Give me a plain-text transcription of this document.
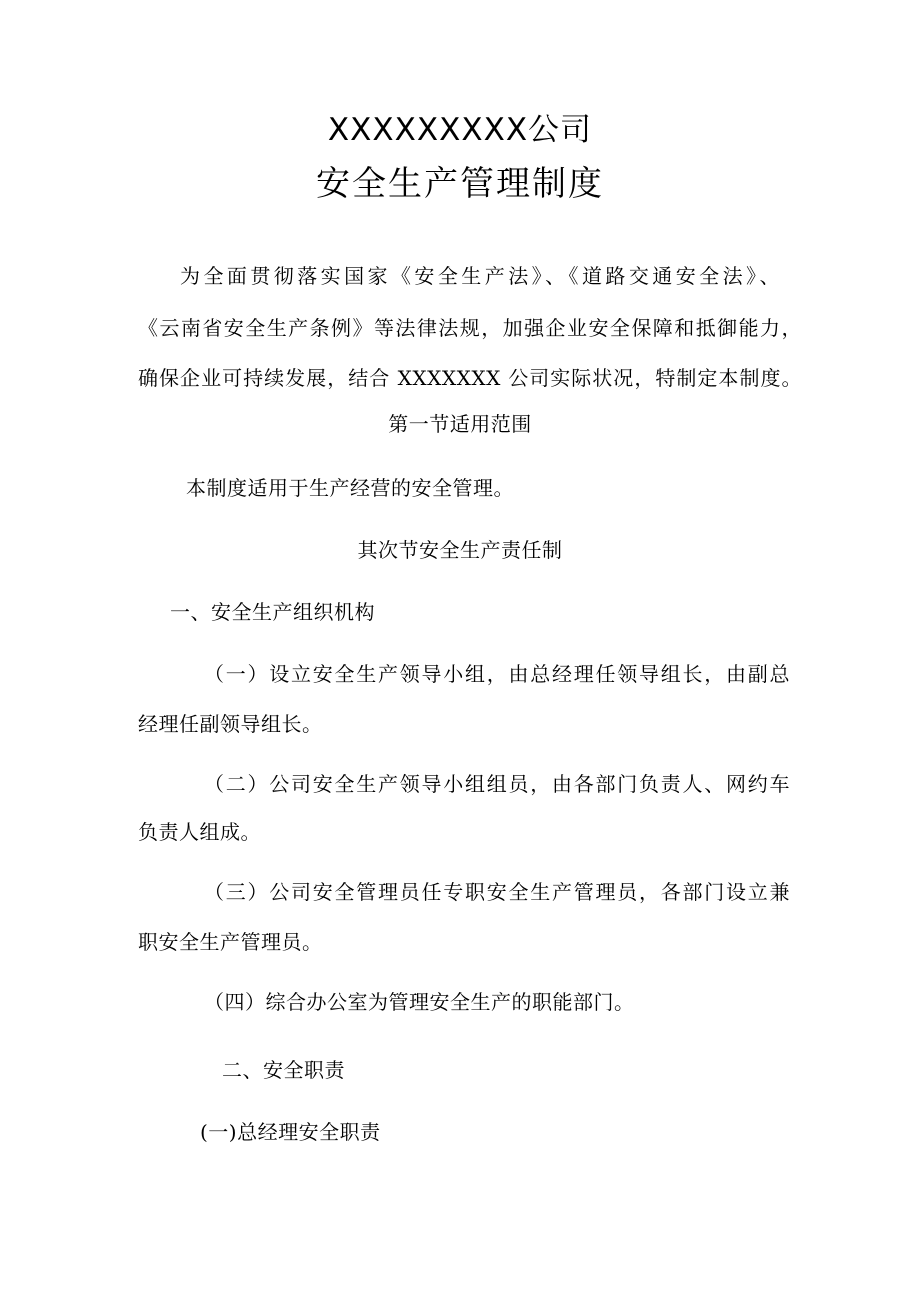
XXXXXXXXX公司
安全生产管理制度
为全面贯彻落实国家《安全生产法》、《道路交通安全法》、
《云南省安全生产条例》等法律法规，加强企业安全保障和抵御能力，
确保企业可持续发展，结合 XXXXXXX 公司实际状况，特制定本制度。
第一节适用范围
本制度适用于生产经营的安全管理。
其次节安全生产责任制
一、安全生产组织机构
（一）设立安全生产领导小组，由总经理任领导组长，由副总
经理任副领导组长。
（二）公司安全生产领导小组组员，由各部门负责人、网约车
负责人组成。
（三）公司安全管理员任专职安全生产管理员，各部门设立兼
职安全生产管理员。
（四）综合办公室为管理安全生产的职能部门。
二、安全职责
(一)总经理安全职责
